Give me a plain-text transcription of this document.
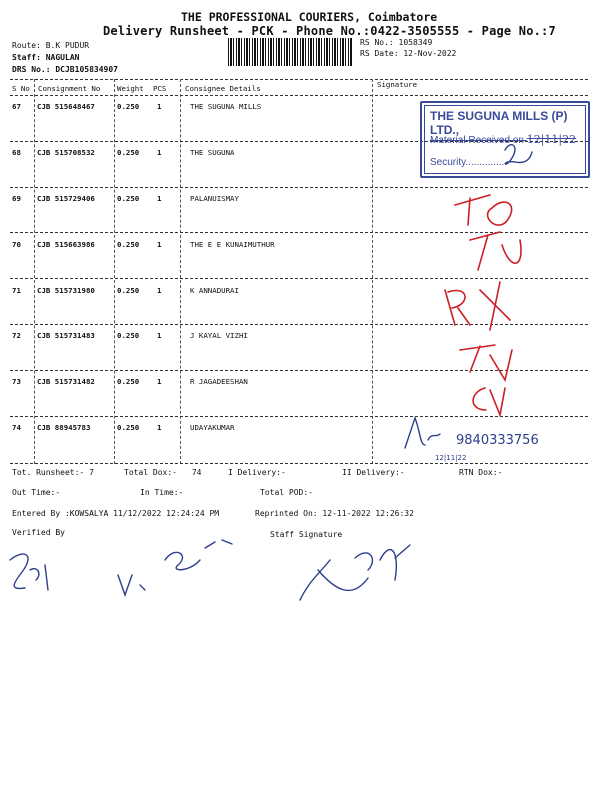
THE PROFESSIONAL COURIERS, Coimbatore
Delivery Runsheet - PCK - Phone No.:0422-3505555 - Page No.:7
Route: B.K PUDUR
Staff: NAGULAN
DRS No.: DCJB105834907
RS No.: 1058349
RS Date: 12-Nov-2022
S No Consignment No Weight PCS	Consignee Details	Signature
67 CJB 515648467	0.250 1	THE SUGUNA MILLS
68 CJB 515708532	0.250 1	THE SUGUNA
69 CJB 515729406	0.250 1	PALANUISMAY
70 CJB 515663986	0.250 1	THE E E KUNAIMUTHUR
71 CJB 515731980	0.250 1	K ANNADURAI
72 CJB 515731483	0.250 1	J KAYAL VIZHI
73 CJB 515731482	0.250 1	R JAGADEESHAN
74 CJB 88945783	0.250 1	UDAYAKUMAR
THE SUGUNA MILLS (P) LTD.,
Material Received on 12|11|22
Security...............
9840333756
12|11|22
RTO
Tot. Runsheet:- 7	Total Dox:- 74	I Delivery:-	II Delivery:-	RTN Dox:-
Out Time:-	In Time:-	Total POD:-
Entered By :KOWSALYA 11/12/2022 12:24:24 PM	Reprinted On: 12-11-2022 12:26:32
Verified By	Staff Signature
